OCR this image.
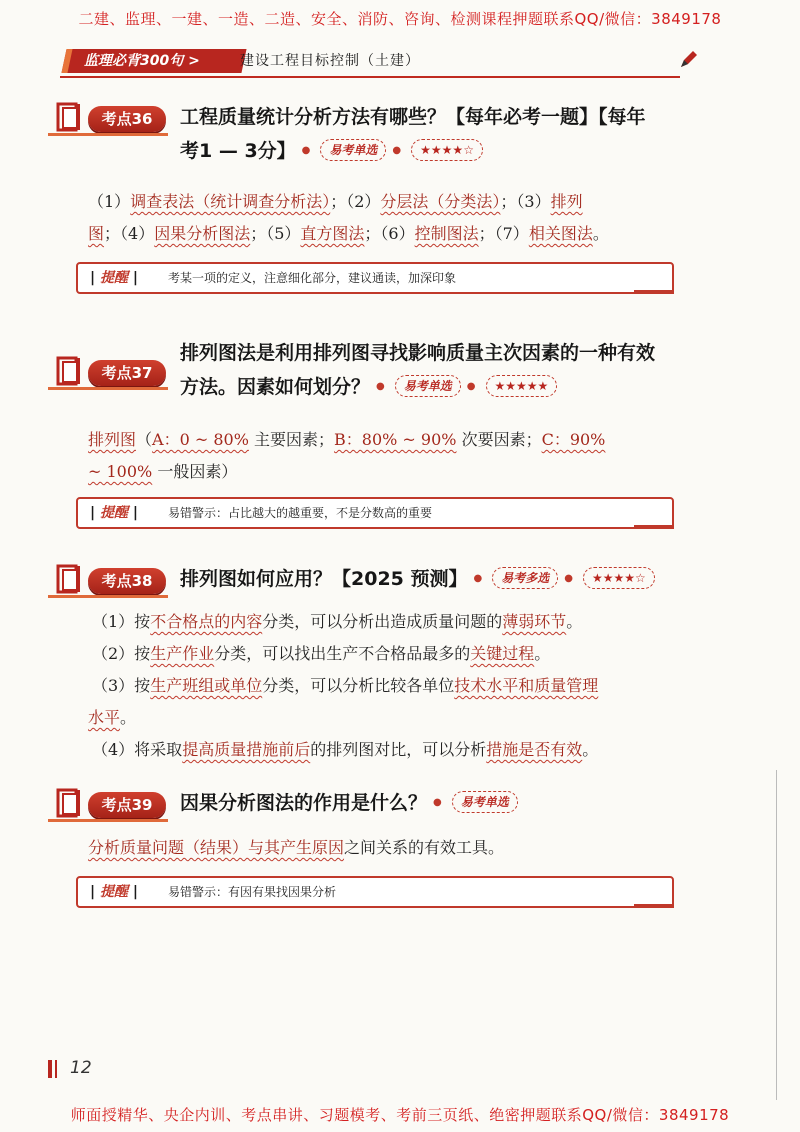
二建、监理、一建、一造、二造、安全、消防、咨询、检测课程押题联系QQ/微信：3849178
监理必背300句 >	建设工程目标控制（土建）
考点36	工程质量统计分析方法有哪些？【每年必考一题】【每年
考1 — 3分】 ● 易考单选 ● ★★★★☆

（1）调查表法（统计调查分析法）；（2）分层法（分类法）；（3）排列

图；（4）因果分析图法；（5）直方图法；（6）控制图法；（7）相关图法。

| 提醒 |	考某一项的定义，注意细化部分，建议通读，加深印象
考点37
排列图法是利用排列图寻找影响质量主次因素的一种有效
方法。因素如何划分？ ● 易考单选 ● ★★★★★

排列图（A：0 ~ 80% 主要因素；B：80% ~ 90% 次要因素；C：90%

~ 100% 一般因素）

| 提醒 |	易错警示：占比越大的越重要，不是分数高的重要
考点38	排列图如何应用？【2025 预测】 ● 易考多选 ● ★★★★☆

（1）按不合格点的内容分类，可以分析出造成质量问题的薄弱环节。

（2）按生产作业分类，可以找出生产不合格品最多的关键过程。

（3）按生产班组或单位分类，可以分析比较各单位技术水平和质量管理

水平。

（4）将采取提高质量措施前后的排列图对比，可以分析措施是否有效。

考点39	因果分析图法的作用是什么？ ● 易考单选

分析质量问题（结果）与其产生原因之间关系的有效工具。

| 提醒 |	易错警示：有因有果找因果分析
12
师面授精华、央企内训、考点串讲、习题模考、考前三页纸、绝密押题联系QQ/微信：3849178
